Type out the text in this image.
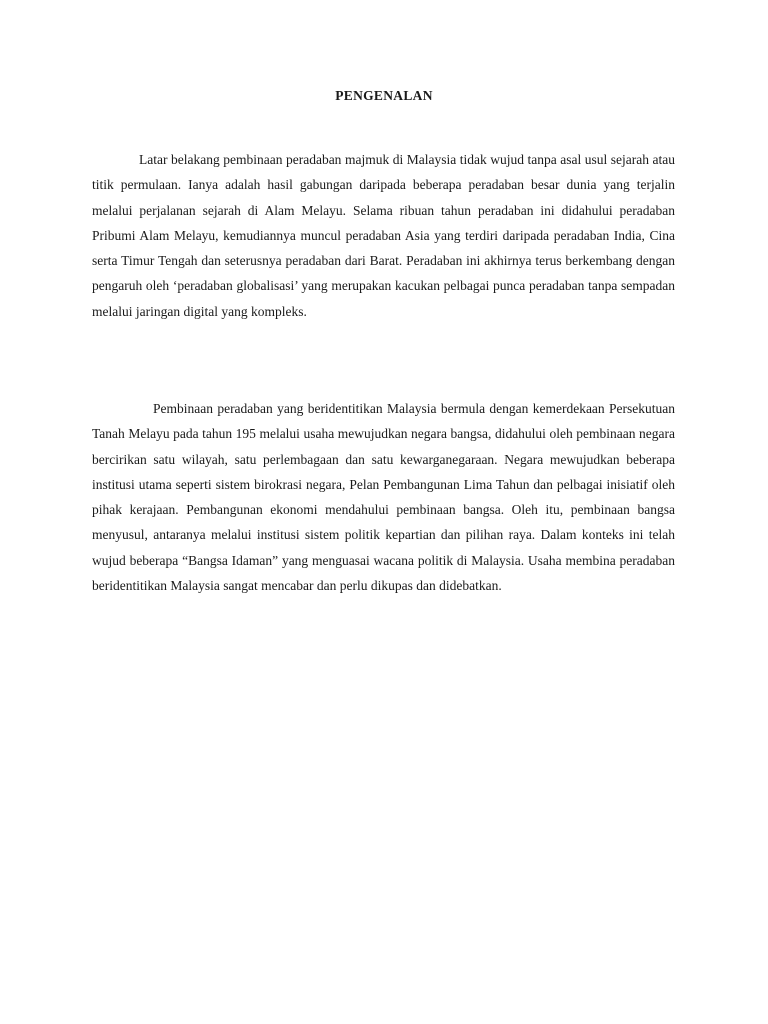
PENGENALAN

Latar belakang pembinaan peradaban majmuk di Malaysia tidak wujud tanpa asal usul sejarah atau titik permulaan. Ianya adalah hasil gabungan daripada beberapa peradaban besar dunia yang terjalin melalui perjalanan sejarah di Alam Melayu. Selama ribuan tahun peradaban ini didahului peradaban Pribumi Alam Melayu, kemudiannya muncul peradaban Asia yang terdiri daripada peradaban India, Cina serta Timur Tengah dan seterusnya peradaban dari Barat. Peradaban ini akhirnya terus berkembang dengan pengaruh oleh ‘peradaban globalisasi’ yang merupakan kacukan pelbagai punca peradaban tanpa sempadan melalui jaringan digital yang kompleks.

Pembinaan peradaban yang beridentitikan Malaysia bermula dengan kemerdekaan Persekutuan Tanah Melayu pada tahun 195 melalui usaha mewujudkan negara bangsa, didahului oleh pembinaan negara bercirikan satu wilayah, satu perlembagaan dan satu kewarganegaraan. Negara mewujudkan beberapa institusi utama seperti sistem birokrasi negara, Pelan Pembangunan Lima Tahun dan pelbagai inisiatif oleh pihak kerajaan. Pembangunan ekonomi mendahului pembinaan bangsa. Oleh itu, pembinaan bangsa menyusul, antaranya melalui institusi sistem politik kepartian dan pilihan raya. Dalam konteks ini telah wujud beberapa “Bangsa Idaman” yang menguasai wacana politik di Malaysia. Usaha membina peradaban beridentitikan Malaysia sangat mencabar dan perlu dikupas dan didebatkan.
